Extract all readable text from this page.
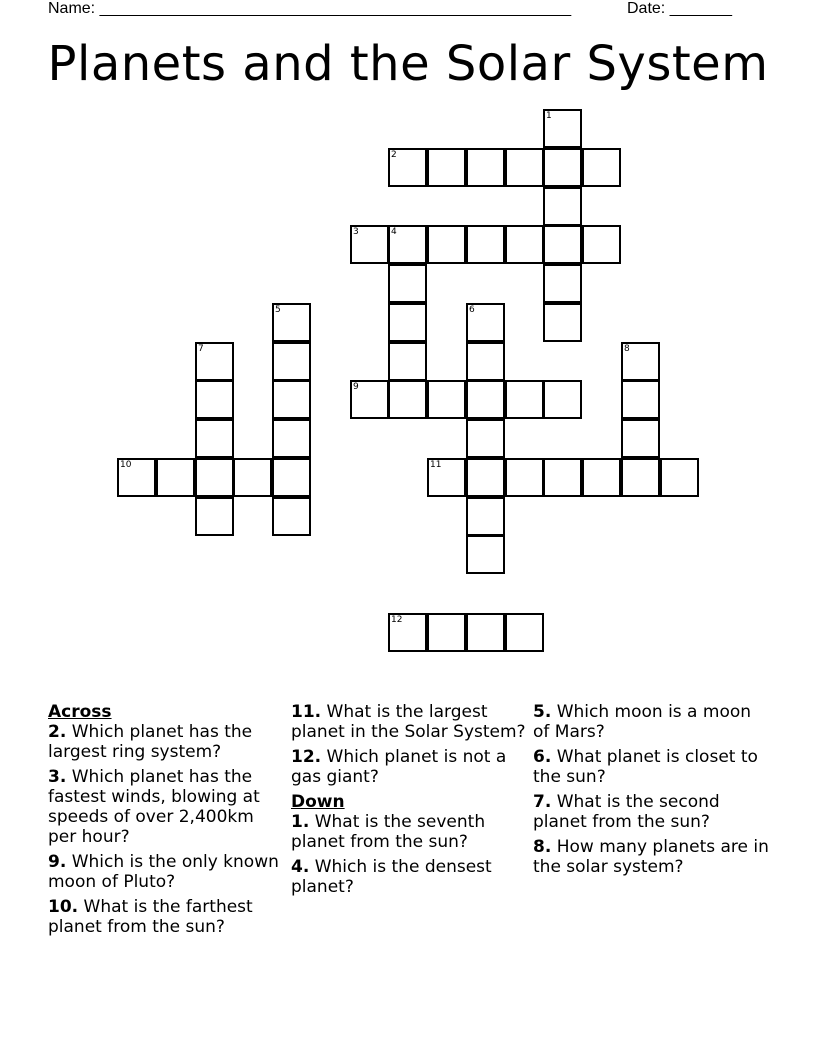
Name: _____________________________________________________	Date: _______
Planets and the Solar System
1
2
3	4
5	6
7	8
9
10	11
12
Across
2. Which planet has the largest ring system?
3. Which planet has the fastest winds, blowing at speeds of over 2,400km per hour?
9. Which is the only known moon of Pluto?
10. What is the farthest planet from the sun?
11. What is the largest planet in the Solar System?
12. Which planet is not a gas giant?
Down
1. What is the seventh planet from the sun?
4. Which is the densest planet?
5. Which moon is a moon of Mars?
6. What planet is closet to the sun?
7. What is the second planet from the sun?
8. How many planets are in the solar system?
